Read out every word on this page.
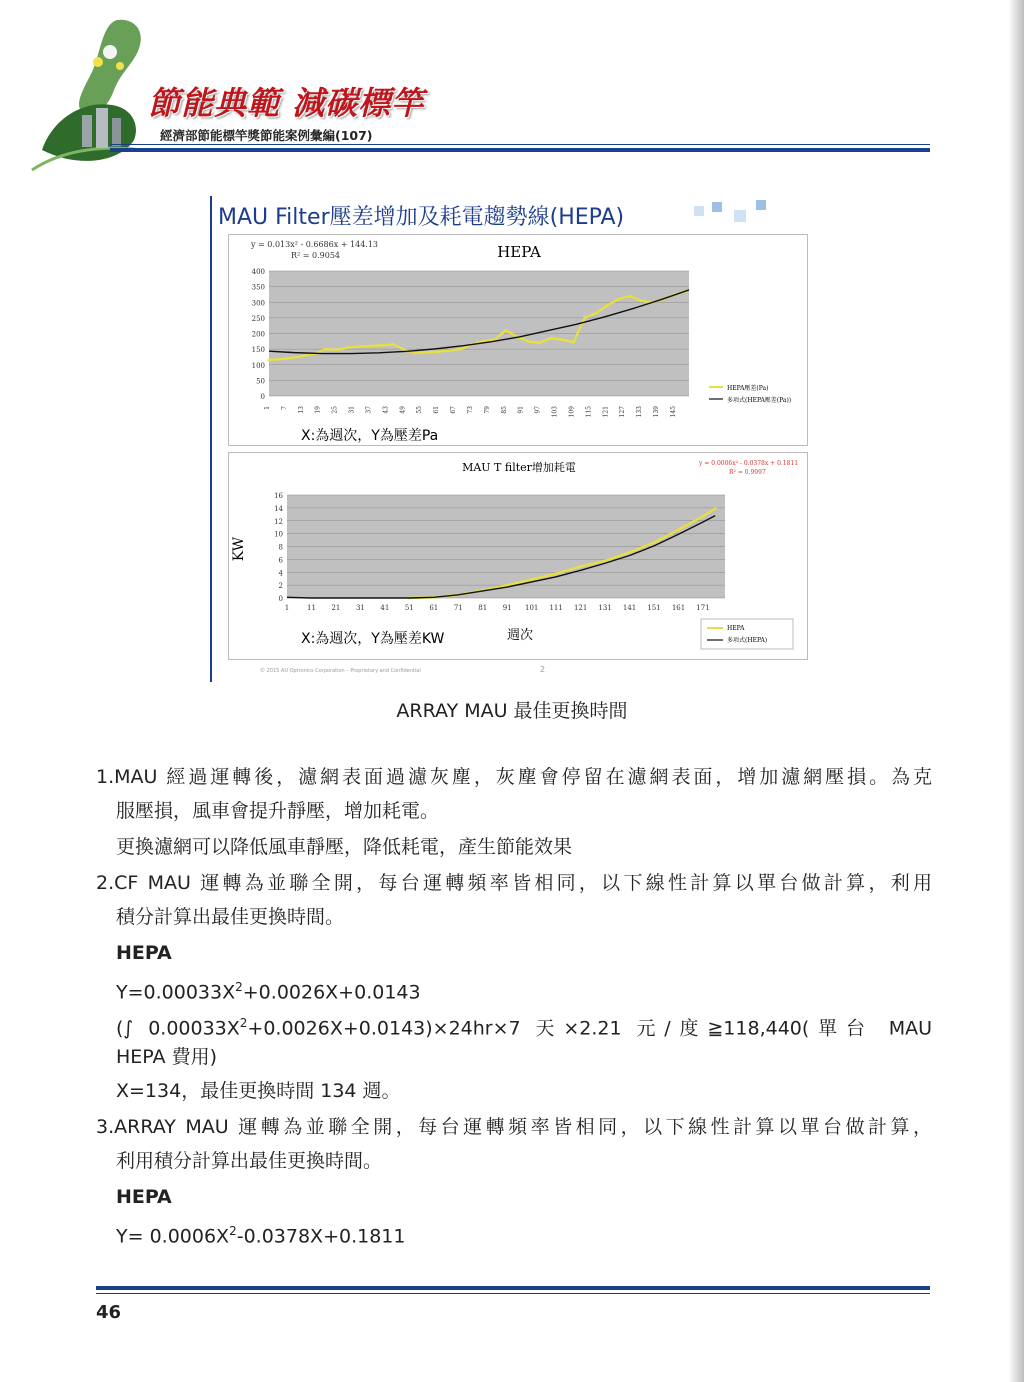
節能典範 減碳標竿
經濟部節能標竿獎節能案例彙編(107)
MAU Filter壓差增加及耗電趨勢線(HEPA)
y = 0.013x² - 0.6686x + 144.13
R² = 0.9054	HEPA
0
50
100
150
200
250
300
350
400
1 7 13 19 25 31 37 43 49 55 61 67 73 79 85 91 97 103 109 115 121 127 133 139 145
HEPA壓差(Pa)
多項式(HEPA壓差(Pa))
X:為週次，Y為壓差Pa
MAU T filter增加耗電	y = 0.0006x² - 0.0378x + 0.1811
R² = 0.9997
KW
0
2
4
6
8
10
12
14
16
1	11 21 31 41 51 61 71 81 91 101 111 121 131 141 151 161 171
HEPA
多項式(HEPA)
X:為週次，Y為壓差KW	週次
© 2015 AU Optronics Corporation – Proprietary and Confidential	2
ARRAY MAU 最佳更換時間
1.MAU 經過運轉後，濾網表面過濾灰塵，灰塵會停留在濾網表面，增加濾網壓損。為克
服壓損，風車會提升靜壓，增加耗電。
更換濾網可以降低風車靜壓，降低耗電，產生節能效果
2.CF MAU 運轉為並聯全開，每台運轉頻率皆相同，以下線性計算以單台做計算，利用
積分計算出最佳更換時間。
HEPA
$Y=0.00033X^2+0.0026X+0.0143$
(∫ $0.00033X^2+0.0026X+0.0143)\times 24hr\times 7$ 天×2.21 元/度≧118,440(單台 MAU
HEPA 費用)
X=134，最佳更換時間 134 週。
3.ARRAY MAU 運轉為並聯全開，每台運轉頻率皆相同，以下線性計算以單台做計算，
利用積分計算出最佳更換時間。
HEPA
$Y= 0.0006X^2-0.0378X+0.1811$
46
